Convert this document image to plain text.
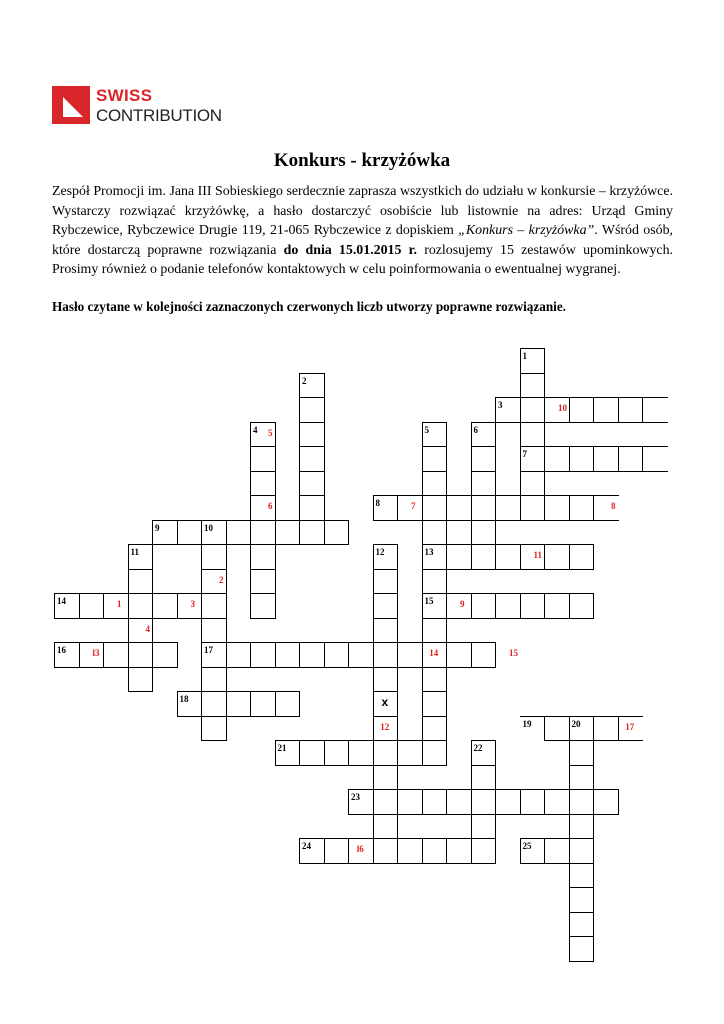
SWISS
CONTRIBUTION
Konkurs - krzyżówka

Zespół Promocji im. Jana III Sobieskiego serdecznie zaprasza wszystkich do udziału w konkursie – krzyżówce. Wystarczy rozwiązać krzyżówkę, a hasło dostarczyć osobiście lub listownie na adres: Urząd Gminy Rybczewice, Rybczewice Drugie 119, 21-065 Rybczewice z dopiskiem „Konkurs – krzyżówka”. Wśród osób, które dostarczą poprawne rozwiązania do dnia 15.01.2015 r. rozlosujemy 15 zestawów upominkowych. Prosimy również o podanie telefonów kontaktowych w celu poinformowania o ewentualnej wygranej.

Hasło czytane w kolejności zaznaczonych czerwonych liczb utworzy poprawne rozwiązanie.

1
2
3
4	5	6
7
8
9	10
11	12	13
14	15
16	17
18
19	20
21	22
23
24	25
1
2
3
4
5
6	7	8
9
10
11
12
l3	14	15
l6
17
x
